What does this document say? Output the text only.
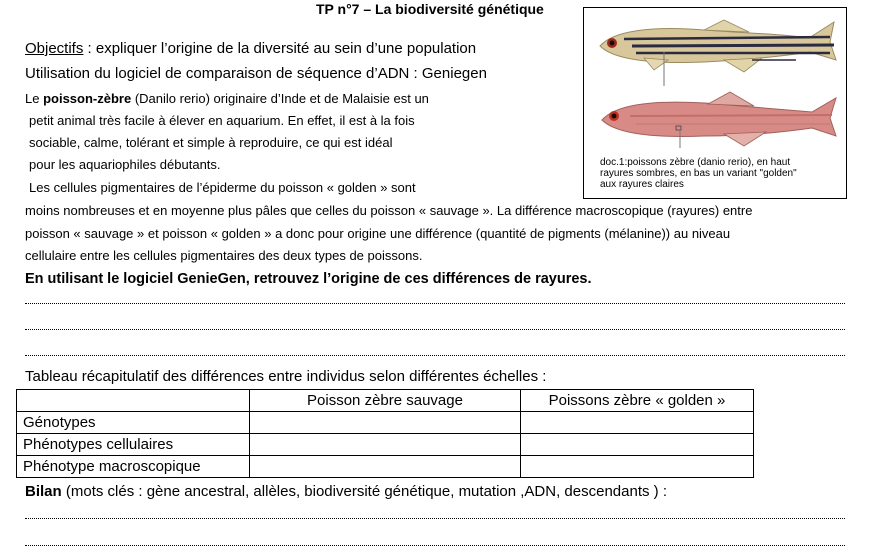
TP n°7 – La biodiversité génétique
Objectifs : expliquer l’origine de la diversité au sein d’une population
Utilisation du logiciel de comparaison de séquence d’ADN : Geniegen
Le poisson-zèbre (Danilo rerio) originaire d’Inde et de Malaisie est un
petit animal très facile à élever en aquarium. En effet, il est à la fois
sociable, calme, tolérant et simple à reproduire, ce qui est idéal
pour les aquariophiles débutants.
Les cellules pigmentaires de l’épiderme du poisson « golden » sont
moins nombreuses et en moyenne plus pâles que celles du poisson « sauvage ». La différence macroscopique (rayures) entre
poisson « sauvage » et poisson « golden » a donc pour origine une différence (quantité de pigments (mélanine)) au niveau
cellulaire entre les cellules pigmentaires des deux types de poissons.
En utilisant le logiciel GenieGen, retrouvez l’origine de ces différences de rayures.
doc.1:poissons zèbre (danio rerio), en haut
rayures sombres, en bas un variant "golden"
aux rayures claires
Tableau récapitulatif des différences entre individus selon différentes échelles :
	Poisson zèbre sauvage	Poissons zèbre « golden »
Génotypes		
Phénotypes cellulaires		
Phénotype macroscopique		
Bilan (mots clés : gène ancestral, allèles, biodiversité génétique, mutation ,ADN, descendants ) :
